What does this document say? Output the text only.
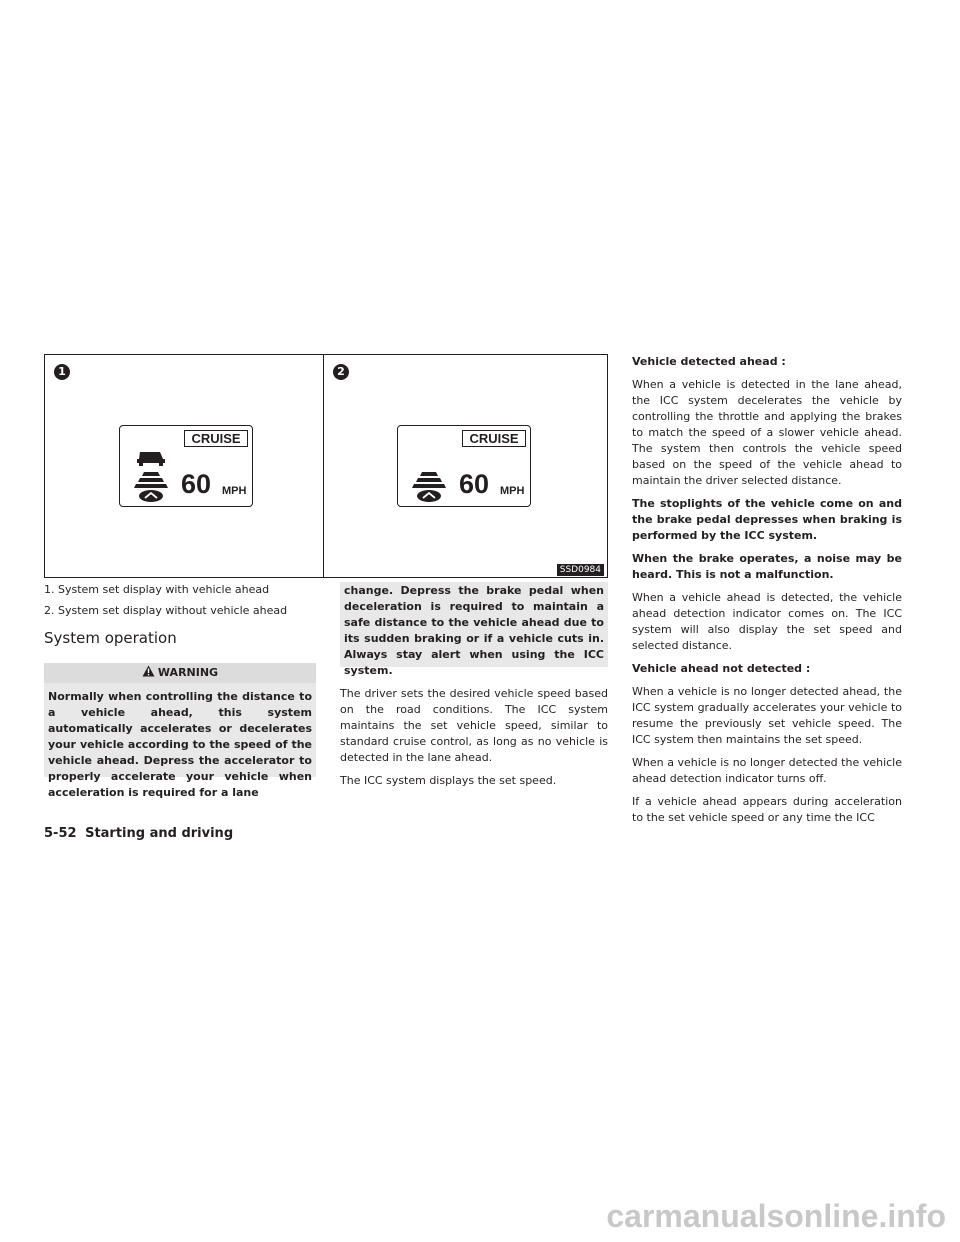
1
CRUISE
60 MPH
2
CRUISE
60 MPH
SSD0984
1. System set display with vehicle ahead
2. System set display without vehicle ahead
System operation
WARNING
Normally when controlling the distance to a vehicle ahead, this system automatically accelerates or decelerates your vehicle according to the speed of the vehicle ahead. Depress the accelerator to properly accelerate your vehicle when acceleration is required for a lane
change. Depress the brake pedal when deceleration is required to maintain a safe distance to the vehicle ahead due to its sudden braking or if a vehicle cuts in. Always stay alert when using the ICC system.

The driver sets the desired vehicle speed based on the road conditions. The ICC system maintains the set vehicle speed, similar to standard cruise control, as long as no vehicle is detected in the lane ahead.

The ICC system displays the set speed.

Vehicle detected ahead :

When a vehicle is detected in the lane ahead, the ICC system decelerates the vehicle by controlling the throttle and applying the brakes to match the speed of a slower vehicle ahead. The system then controls the vehicle speed based on the speed of the vehicle ahead to maintain the driver selected distance.

The stoplights of the vehicle come on and the brake pedal depresses when braking is performed by the ICC system.

When the brake operates, a noise may be heard. This is not a malfunction.

When a vehicle ahead is detected, the vehicle ahead detection indicator comes on. The ICC system will also display the set speed and selected distance.

Vehicle ahead not detected :

When a vehicle is no longer detected ahead, the ICC system gradually accelerates your vehicle to resume the previously set vehicle speed. The ICC system then maintains the set speed.

When a vehicle is no longer detected the vehicle ahead detection indicator turns off.

If a vehicle ahead appears during acceleration to the set vehicle speed or any time the ICC

5-52 Starting and driving
carmanualsonline.info
